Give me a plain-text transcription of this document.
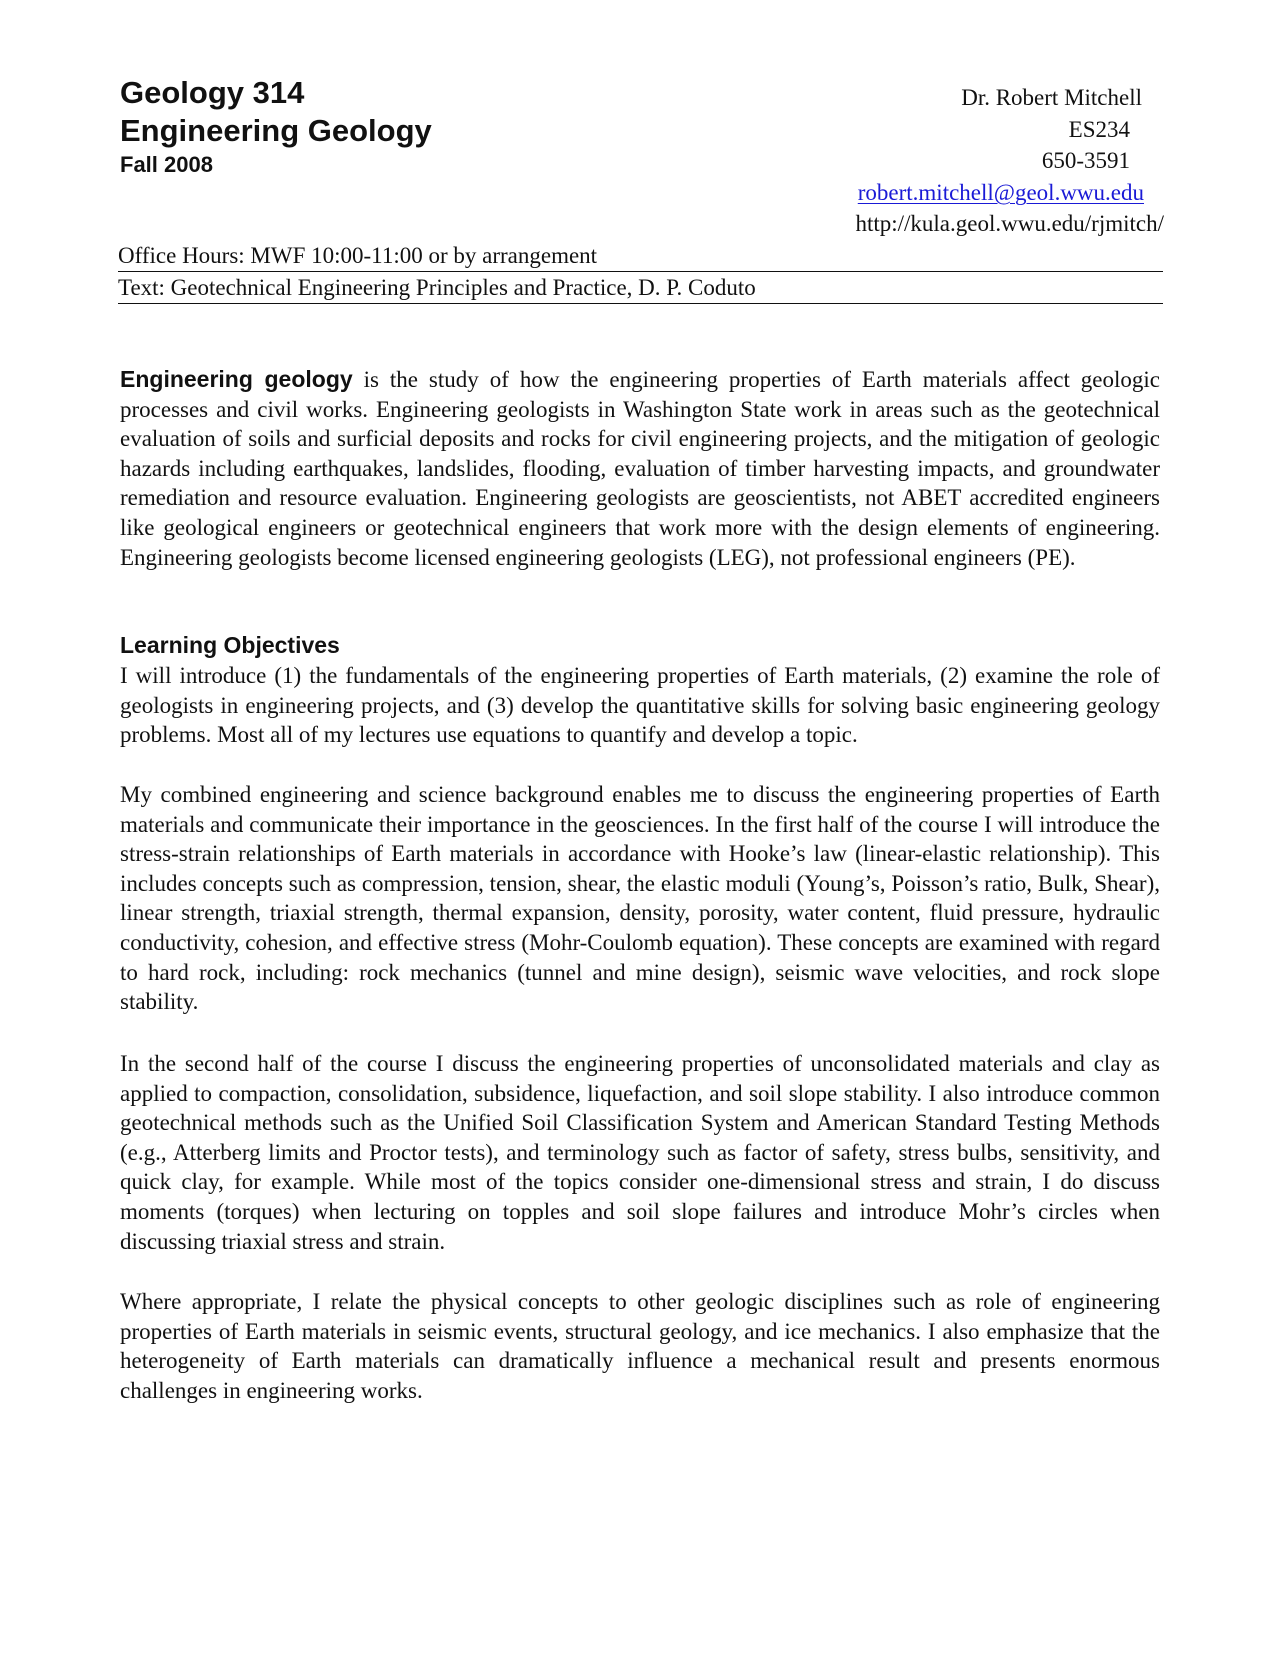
Geology 314
Engineering Geology
Fall 2008
Dr. Robert Mitchell
ES234
650-3591
robert.mitchell@geol.wwu.edu
http://kula.geol.wwu.edu/rjmitch/
Office Hours: MWF 10:00-11:00 or by arrangement
Text: Geotechnical Engineering Principles and Practice, D. P. Coduto

Engineering geology is the study of how the engineering properties of Earth materials affect geologic processes and civil works. Engineering geologists in Washington State work in areas such as the geotechnical evaluation of soils and surficial deposits and rocks for civil engineering projects, and the mitigation of geologic hazards including earthquakes, landslides, flooding, evaluation of timber harvesting impacts, and groundwater remediation and resource evaluation. Engineering geologists are geoscientists, not ABET accredited engineers like geological engineers or geotechnical engineers that work more with the design elements of engineering. Engineering geologists become licensed engineering geologists (LEG), not professional engineers (PE).

Learning Objectives

I will introduce (1) the fundamentals of the engineering properties of Earth materials, (2) examine the role of geologists in engineering projects, and (3) develop the quantitative skills for solving basic engineering geology problems. Most all of my lectures use equations to quantify and develop a topic.

My combined engineering and science background enables me to discuss the engineering properties of Earth materials and communicate their importance in the geosciences. In the first half of the course I will introduce the stress-strain relationships of Earth materials in accordance with Hooke’s law (linear-elastic relationship). This includes concepts such as compression, tension, shear, the elastic moduli (Young’s, Poisson’s ratio, Bulk, Shear), linear strength, triaxial strength, thermal expansion, density, porosity, water content, fluid pressure, hydraulic conductivity, cohesion, and effective stress (Mohr-Coulomb equation). These concepts are examined with regard to hard rock, including: rock mechanics (tunnel and mine design), seismic wave velocities, and rock slope stability.

In the second half of the course I discuss the engineering properties of unconsolidated materials and clay as applied to compaction, consolidation, subsidence, liquefaction, and soil slope stability. I also introduce common geotechnical methods such as the Unified Soil Classification System and American Standard Testing Methods (e.g., Atterberg limits and Proctor tests), and terminology such as factor of safety, stress bulbs, sensitivity, and quick clay, for example. While most of the topics consider one-dimensional stress and strain, I do discuss moments (torques) when lecturing on topples and soil slope failures and introduce Mohr’s circles when discussing triaxial stress and strain.

Where appropriate, I relate the physical concepts to other geologic disciplines such as role of engineering properties of Earth materials in seismic events, structural geology, and ice mechanics. I also emphasize that the heterogeneity of Earth materials can dramatically influence a mechanical result and presents enormous challenges in engineering works.
